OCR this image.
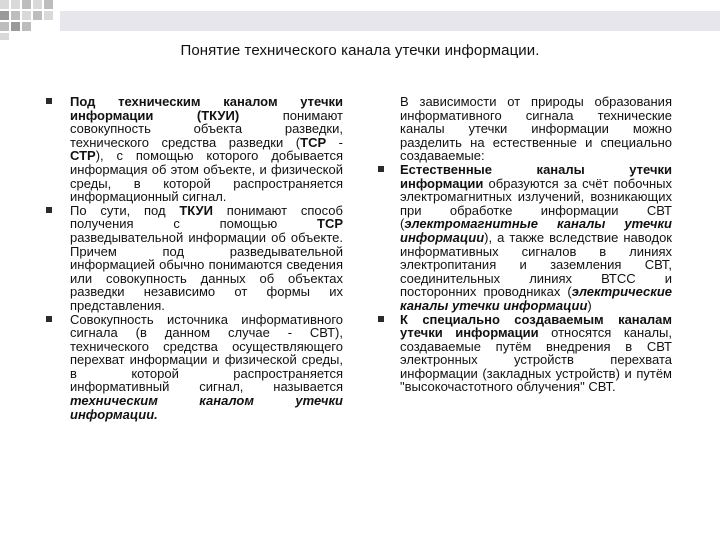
Понятие технического канала утечки информации.
Под техническим каналом утечки информации (ТКУИ) понимают совокупность объекта разведки, технического средства разведки (ТСР - СТР), с помощью которого добывается информация об этом объекте, и физической среды, в которой распространяется информационный сигнал.
По сути, под ТКУИ понимают способ получения с помощью ТСР разведывательной информации об объекте. Причем под разведывательной информацией обычно понимаются сведения или совокупность данных об объектах разведки независимо от формы их представления.
Совокупность источника информативного сигнала (в данном случае - СВТ), технического средства осуществляющего перехват информации и физической среды, в которой распространяется информативный сигнал, называется техническим каналом утечки информации.

В зависимости от природы образования информативного сигнала технические каналы утечки информации можно разделить на естественные и специально создаваемые:

Естественные каналы утечки информации образуются за счёт побочных электромагнитных излучений, возникающих при обработке информации СВТ (электромагнитные каналы утечки информации), а также вследствие наводок информативных сигналов в линиях электропитания и заземления СВТ, соединительных линиях ВТСС и посторонних проводниках (электрические каналы утечки информации)
К специально создаваемым каналам утечки информации относятся каналы, создаваемые путём внедрения в СВТ электронных устройств перехвата информации (закладных устройств) и путём "высокочастотного облучения" СВТ.
